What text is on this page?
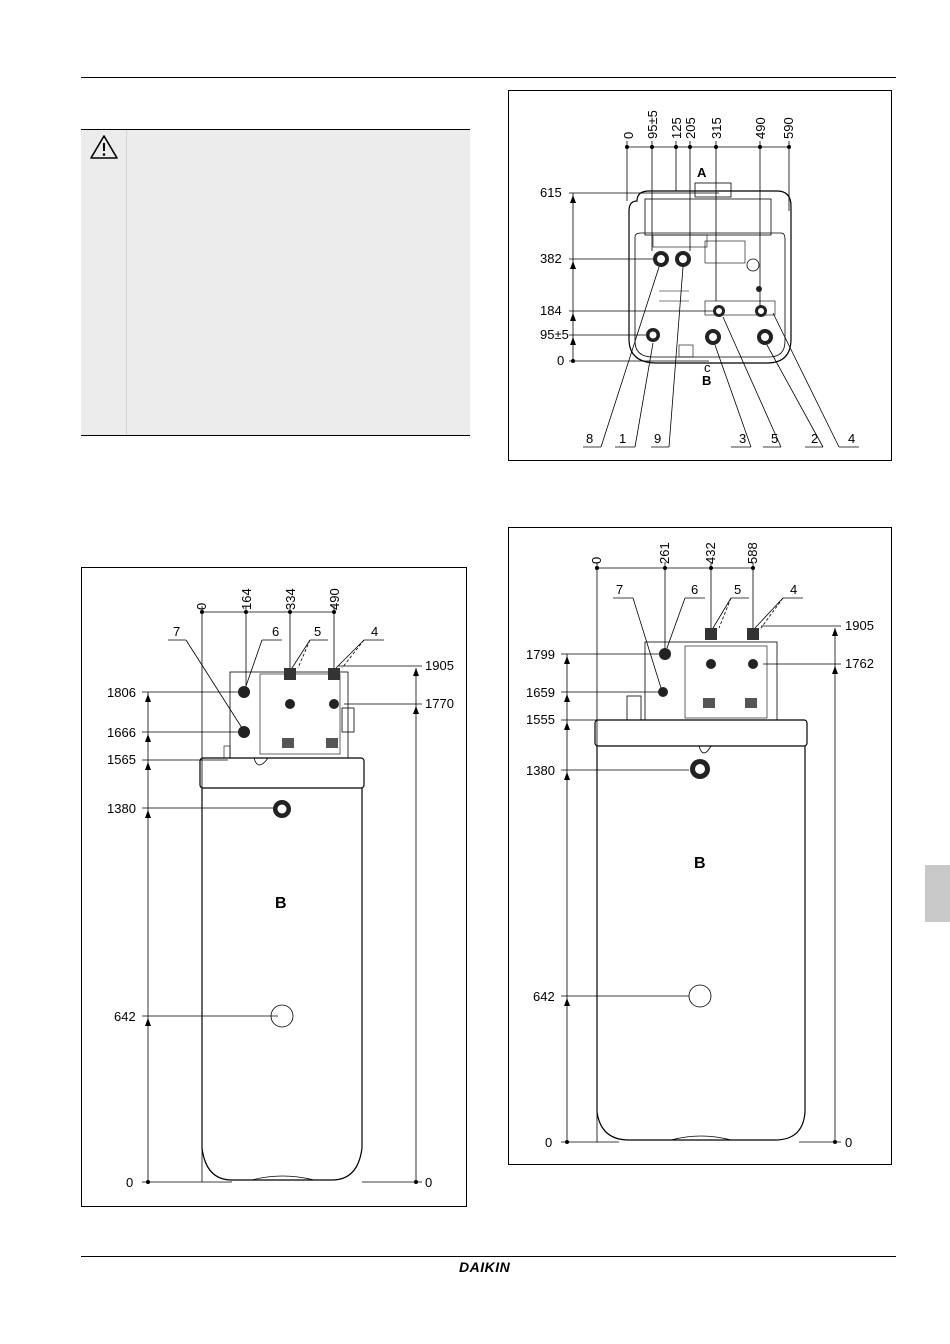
DAIKIN
0 95±5 125 205 315 490 590
615
382
184
95±5
0
A
B
c
8 1 9	3 5	2 4
0 164 334 490
1806
1666
1565
1380
642
0
1905
1770
0
B
7	6	5	4
0	261 432 588
1799
1659
1555
1380
642
0
1905
1762
0
B
7	6	5	4
